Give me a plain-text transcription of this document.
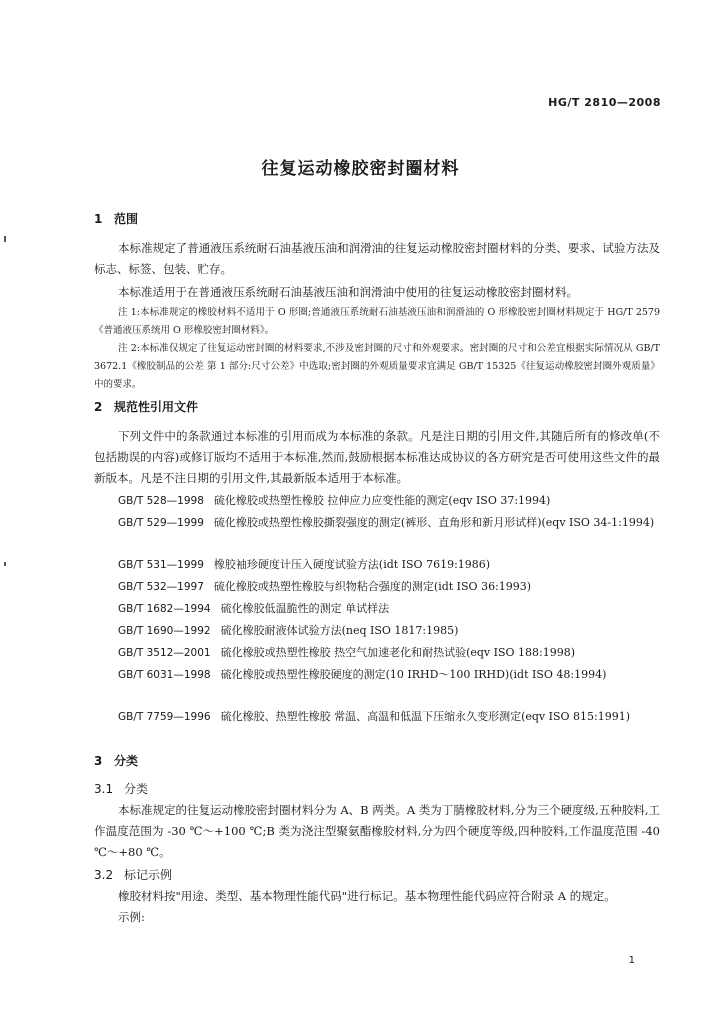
HG/T 2810—2008
往复运动橡胶密封圈材料
1 范围
本标准规定了普通液压系统耐石油基液压油和润滑油的往复运动橡胶密封圈材料的分类、要求、试验方法及标志、标签、包装、贮存。
本标准适用于在普通液压系统耐石油基液压油和润滑油中使用的往复运动橡胶密封圈材料。
注 1:本标准规定的橡胶材料不适用于 O 形圈;普通液压系统耐石油基液压油和润滑油的 O 形橡胶密封圈材料规定于 HG/T 2579《普通液压系统用 O 形橡胶密封圈材料》。
注 2:本标准仅规定了往复运动密封圈的材料要求,不涉及密封圈的尺寸和外观要求。密封圈的尺寸和公差宜根据实际情况从 GB/T 3672.1《橡胶制品的公差 第 1 部分:尺寸公差》中选取;密封圈的外观质量要求宜满足 GB/T 15325《往复运动橡胶密封圈外观质量》中的要求。
2 规范性引用文件
下列文件中的条款通过本标准的引用而成为本标准的条款。凡是注日期的引用文件,其随后所有的修改单(不包括勘误的内容)或修订版均不适用于本标准,然而,鼓励根据本标准达成协议的各方研究是否可使用这些文件的最新版本。凡是不注日期的引用文件,其最新版本适用于本标准。
GB/T 528—1998 硫化橡胶或热塑性橡胶 拉伸应力应变性能的测定(eqv ISO 37:1994)
GB/T 529—1999 硫化橡胶或热塑性橡胶撕裂强度的测定(裤形、直角形和新月形试样)(eqv ISO 34-1:1994)
GB/T 531—1999 橡胶袖珍硬度计压入硬度试验方法(idt ISO 7619:1986)
GB/T 532—1997 硫化橡胶或热塑性橡胶与织物粘合强度的测定(idt ISO 36:1993)
GB/T 1682—1994 硫化橡胶低温脆性的测定 单试样法
GB/T 1690—1992 硫化橡胶耐液体试验方法(neq ISO 1817:1985)
GB/T 3512—2001 硫化橡胶或热塑性橡胶 热空气加速老化和耐热试验(eqv ISO 188:1998)
GB/T 6031—1998 硫化橡胶或热塑性橡胶硬度的测定(10 IRHD～100 IRHD)(idt ISO 48:1994)
GB/T 7759—1996 硫化橡胶、热塑性橡胶 常温、高温和低温下压缩永久变形测定(eqv ISO 815:1991)
3 分类
3.1 分类
本标准规定的往复运动橡胶密封圈材料分为 A、B 两类。A 类为丁腈橡胶材料,分为三个硬度级,五种胶料,工作温度范围为 -30 ℃～+100 ℃;B 类为浇注型聚氨酯橡胶材料,分为四个硬度等级,四种胶料,工作温度范围 -40 ℃～+80 ℃。
3.2 标记示例
橡胶材料按"用途、类型、基本物理性能代码"进行标记。基本物理性能代码应符合附录 A 的规定。
示例:
1
